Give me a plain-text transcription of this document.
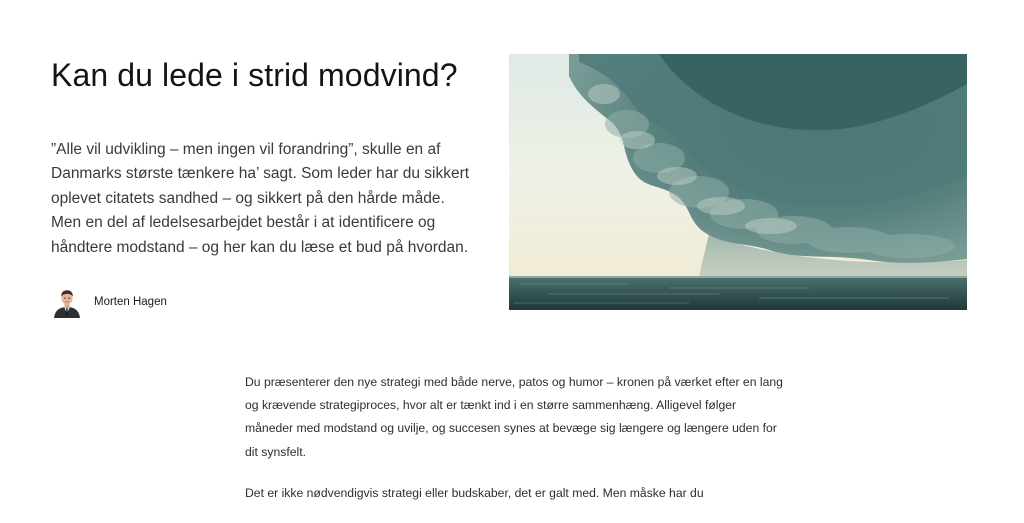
Kan du lede i strid modvind?

”Alle vil udvikling – men ingen vil forandring”, skulle en af Danmarks største tænkere ha’ sagt. Som leder har du sikkert oplevet citatets sandhed – og sikkert på den hårde måde. Men en del af ledelsesarbejdet består i at identificere og håndtere modstand – og her kan du læse et bud på hvordan.

Morten Hagen

Du præsenterer den nye strategi med både nerve, patos og humor – kronen på værket efter en lang og krævende strategiproces, hvor alt er tænkt ind i en større sammenhæng. Alligevel følger måneder med modstand og uvilje, og succesen synes at bevæge sig længere og længere uden for dit synsfelt.

Det er ikke nødvendigvis strategi eller budskaber, det er galt med. Men måske har du
